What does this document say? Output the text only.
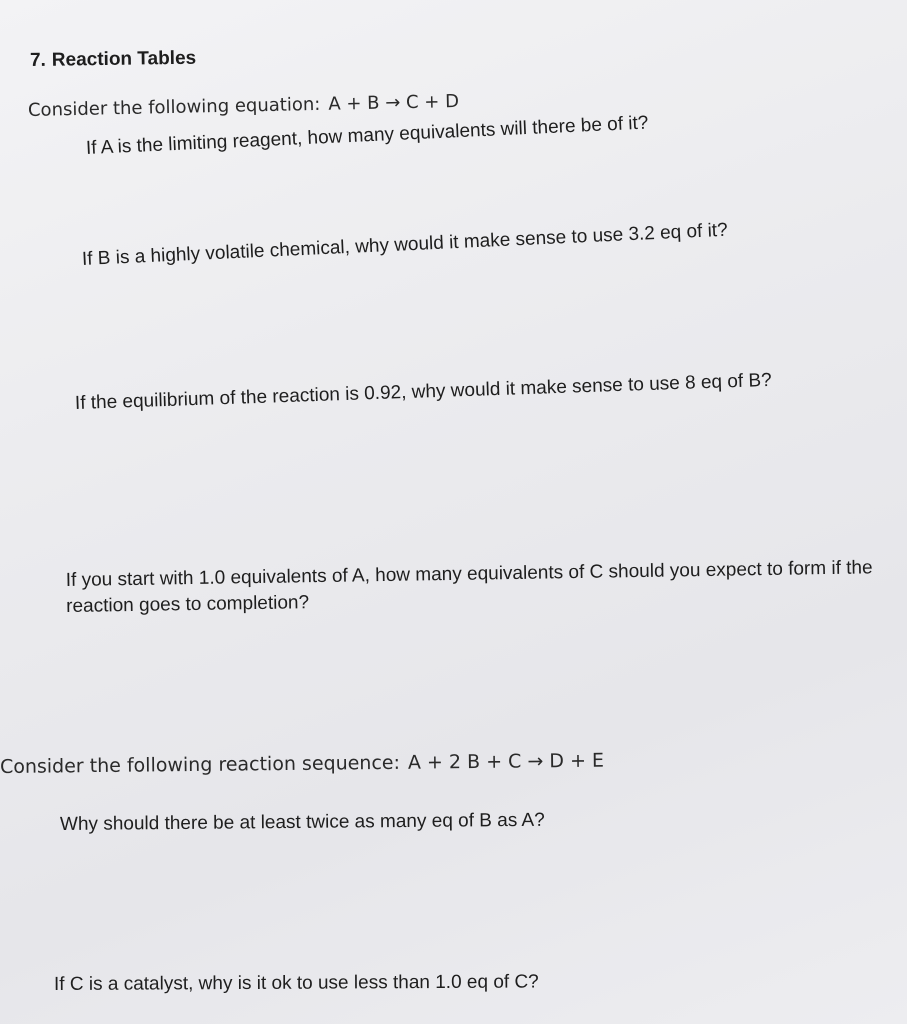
7. Reaction Tables
Consider the following equation: A + B → C + D
If A is the limiting reagent, how many equivalents will there be of it?
If B is a highly volatile chemical, why would it make sense to use 3.2 eq of it?
If the equilibrium of the reaction is 0.92, why would it make sense to use 8 eq of B?
If you start with 1.0 equivalents of A, how many equivalents of C should you expect to form if the reaction goes to completion?
Consider the following reaction sequence: A + 2 B + C → D + E
Why should there be at least twice as many eq of B as A?
If C is a catalyst, why is it ok to use less than 1.0 eq of C?
